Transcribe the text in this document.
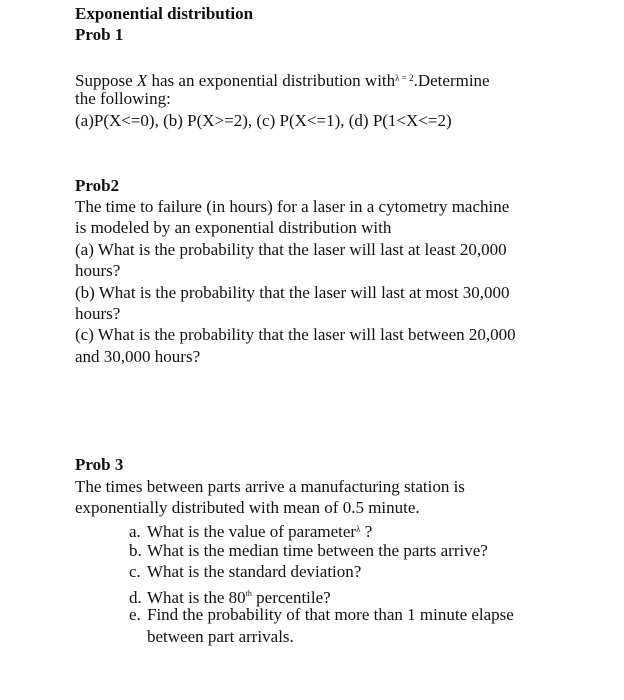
Exponential distribution
Prob 1
Suppose X has an exponential distribution with$^{\lambda = 2}$.Determine
the following:
(a)P(X<=0), (b) P(X>=2), (c) P(X<=1), (d) P(1<X<=2)
Prob2
The time to failure (in hours) for a laser in a cytometry machine
is modeled by an exponential distribution with
(a) What is the probability that the laser will last at least 20,000
hours?
(b) What is the probability that the laser will last at most 30,000
hours?
(c) What is the probability that the laser will last between 20,000
and 30,000 hours?
Prob 3
The times between parts arrive a manufacturing station is
exponentially distributed with mean of 0.5 minute.
a. What is the value of parameter$^\lambda$ ?
b. What is the median time between the parts arrive?
c. What is the standard deviation?
d. What is the 80th percentile?
e. Find the probability of that more than 1 minute elapse
between part arrivals.
